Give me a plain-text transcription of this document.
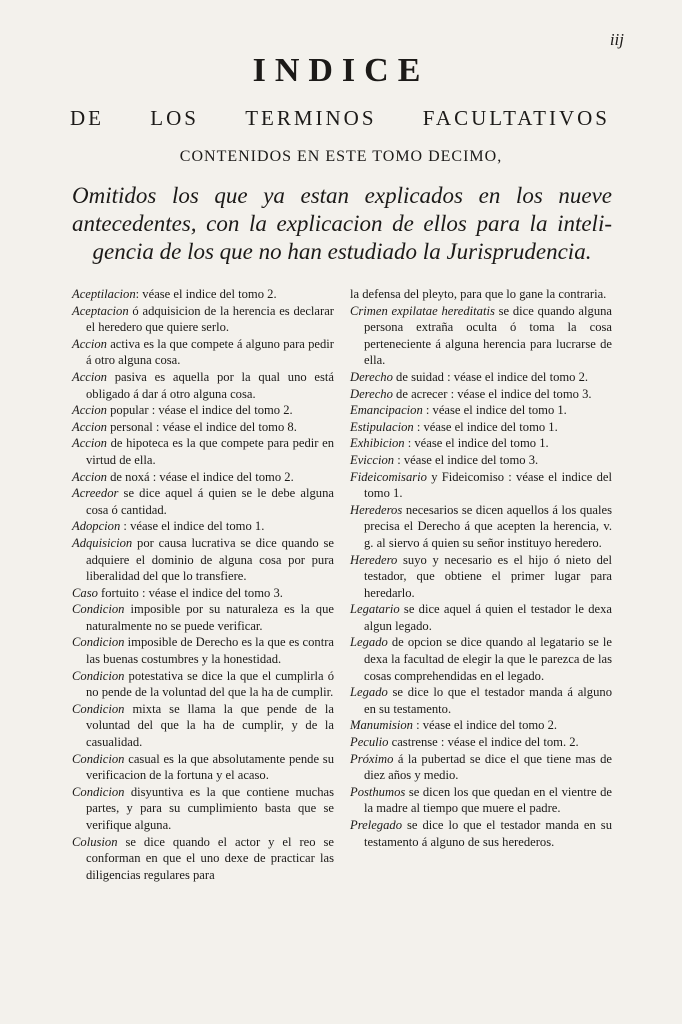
iij
INDICE
DE LOS TERMINOS FACULTATIVOS
CONTENIDOS EN ESTE TOMO DECIMO,
Omitidos los que ya estan explicados en los nueve
antecedentes, con la explicacion de ellos para la inteli-
gencia de los que no han estudiado la Jurisprudencia.

Aceptilacion: véase el indice del tomo 2.

Aceptacion ó adquisicion de la herencia es declarar el heredero que quiere serlo.

Accion activa es la que compete á alguno para pedir á otro alguna cosa.

Accion pasiva es aquella por la qual uno está obligado á dar á otro alguna cosa.

Accion popular : véase el indice del tomo 2.

Accion personal : véase el indice del tomo 8.

Accion de hipoteca es la que compete para pedir en virtud de ella.

Accion de noxá : véase el indice del tomo 2.

Acreedor se dice aquel á quien se le debe alguna cosa ó cantidad.

Adopcion : véase el indice del tomo 1.

Adquisicion por causa lucrativa se dice quando se adquiere el dominio de alguna cosa por pura liberalidad del que lo transfiere.

Caso fortuito : véase el indice del tomo 3.

Condicion imposible por su naturaleza es la que naturalmente no se puede verificar.

Condicion imposible de Derecho es la que es contra las buenas costumbres y la honestidad.

Condicion potestativa se dice la que el cumplirla ó no pende de la voluntad del que la ha de cumplir.

Condicion mixta se llama la que pende de la voluntad del que la ha de cumplir, y de la casualidad.

Condicion casual es la que absolutamente pende su verificacion de la fortuna y el acaso.

Condicion disyuntiva es la que contiene muchas partes, y para su cumplimiento basta que se verifique alguna.

Colusion se dice quando el actor y el reo se conforman en que el uno dexe de practicar las diligencias regulares para

la defensa del pleyto, para que lo gane la contraria.

Crimen expilatae hereditatis se dice quando alguna persona extraña oculta ó toma la cosa perteneciente á alguna herencia para lucrarse de ella.

Derecho de suidad : véase el indice del tomo 2.

Derecho de acrecer : véase el indice del tomo 3.

Emancipacion : véase el indice del tomo 1.

Estipulacion : véase el indice del tomo 1.

Exhibicion : véase el indice del tomo 1.

Eviccion : véase el indice del tomo 3.

Fideicomisario y Fideicomiso : véase el indice del tomo 1.

Herederos necesarios se dicen aquellos á los quales precisa el Derecho á que acepten la herencia, v. g. al siervo á quien su señor instituyo heredero.

Heredero suyo y necesario es el hijo ó nieto del testador, que obtiene el primer lugar para heredarlo.

Legatario se dice aquel á quien el testador le dexa algun legado.

Legado de opcion se dice quando al legatario se le dexa la facultad de elegir la que le parezca de las cosas comprehendidas en el legado.

Legado se dice lo que el testador manda á alguno en su testamento.

Manumision : véase el indice del tomo 2.

Peculio castrense : véase el indice del tom. 2.

Próximo á la pubertad se dice el que tiene mas de diez años y medio.

Posthumos se dicen los que quedan en el vientre de la madre al tiempo que muere el padre.

Prelegado se dice lo que el testador manda en su testamento á alguno de sus herederos.
